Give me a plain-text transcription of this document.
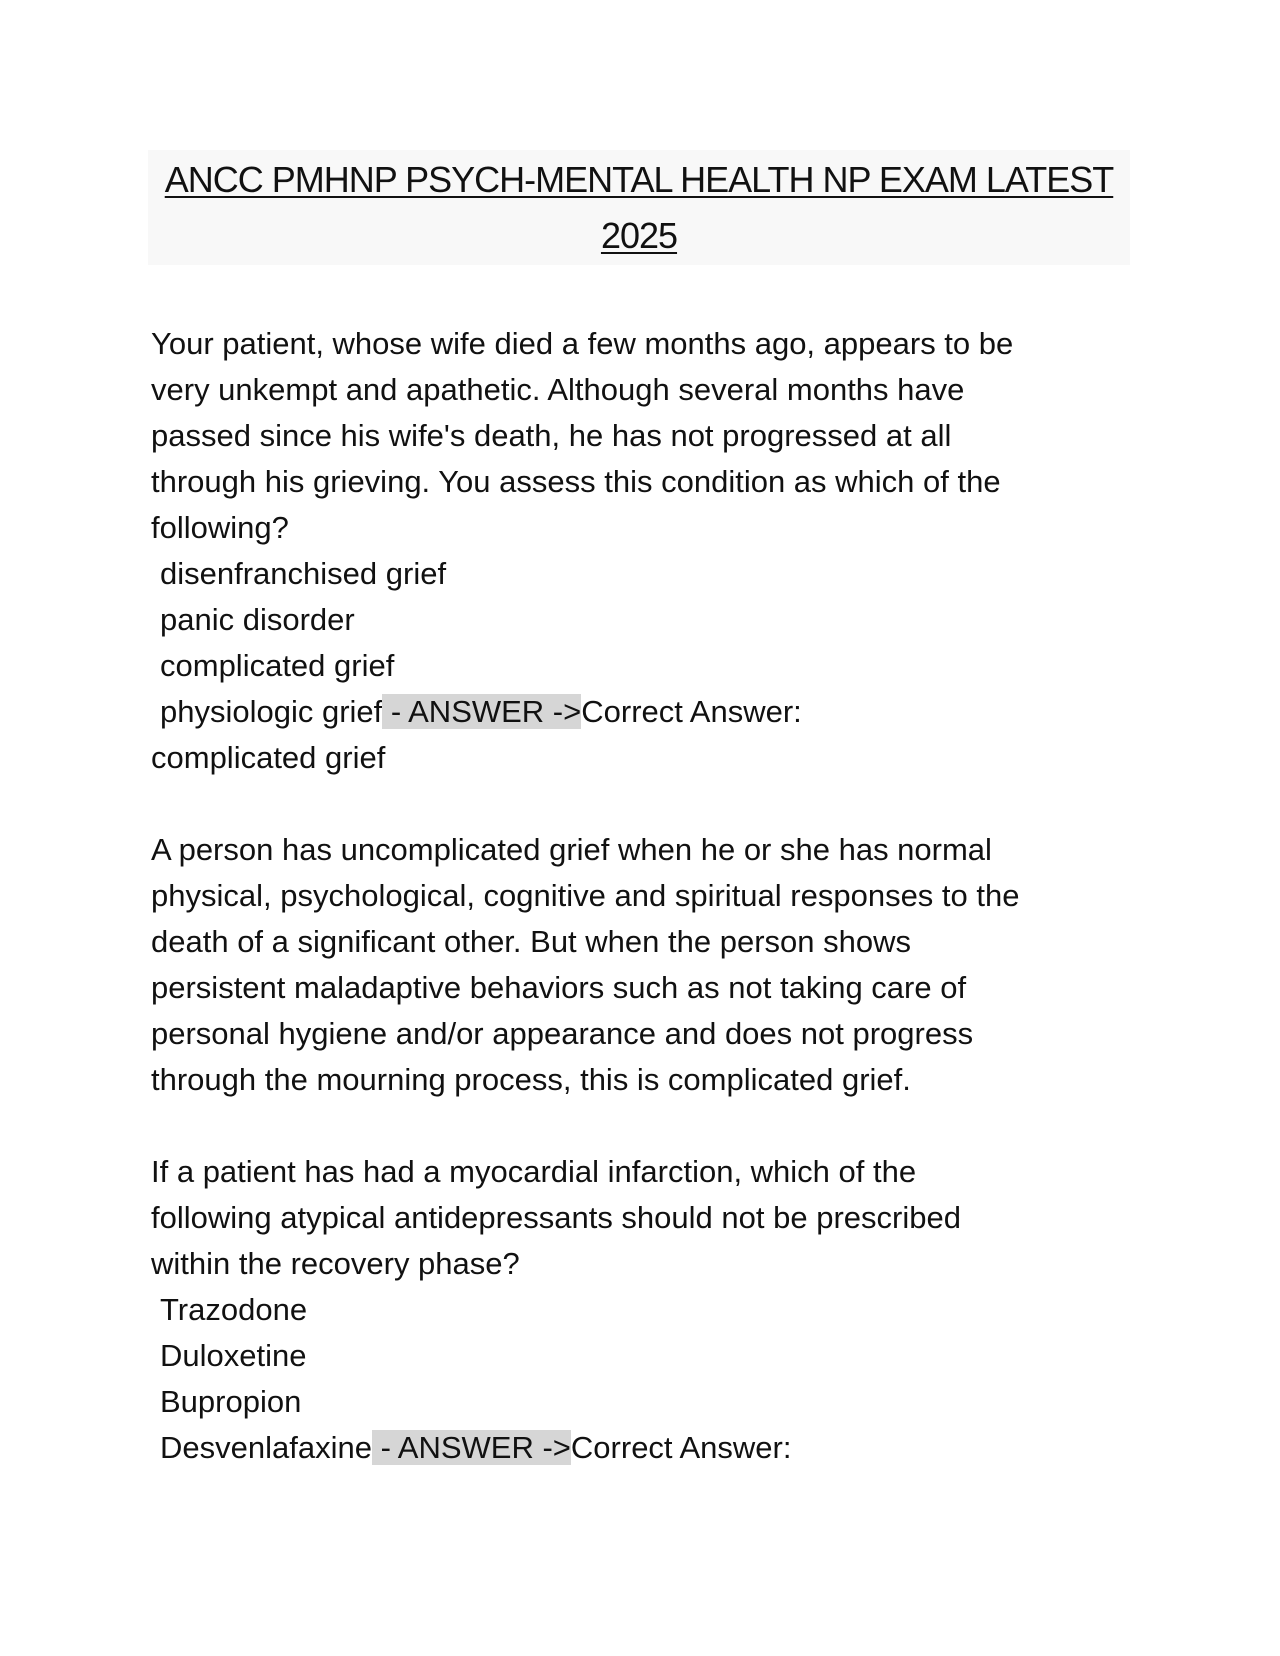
ANCC PMHNP PSYCH-MENTAL HEALTH NP EXAM LATEST
2025
Your patient, whose wife died a few months ago, appears to be
very unkempt and apathetic. Although several months have
passed since his wife's death, he has not progressed at all
through his grieving. You assess this condition as which of the
following?
disenfranchised grief
panic disorder
complicated grief
physiologic grief - ANSWER ->Correct Answer:
complicated grief
A person has uncomplicated grief when he or she has normal
physical, psychological, cognitive and spiritual responses to the
death of a significant other. But when the person shows
persistent maladaptive behaviors such as not taking care of
personal hygiene and/or appearance and does not progress
through the mourning process, this is complicated grief.
If a patient has had a myocardial infarction, which of the
following atypical antidepressants should not be prescribed
within the recovery phase?
Trazodone
Duloxetine
Bupropion
Desvenlafaxine - ANSWER ->Correct Answer:
